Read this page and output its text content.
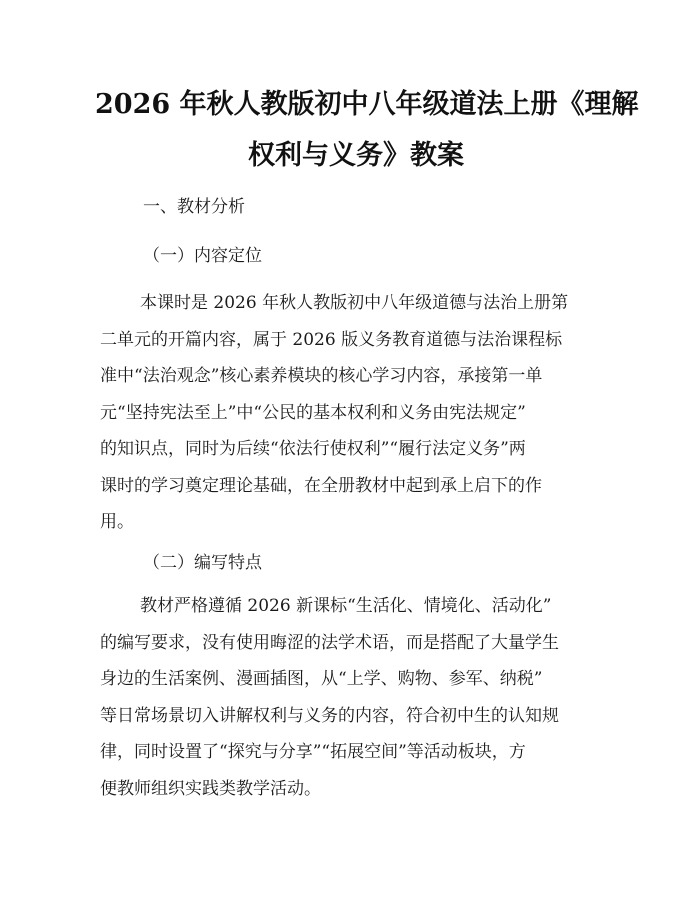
2026 年秋人教版初中八年级道法上册《理解
权利与义务》教案
一、教材分析
（一）内容定位
本课时是 2026 年秋人教版初中八年级道德与法治上册第
二单元的开篇内容，属于 2026 版义务教育道德与法治课程标
准中“法治观念”核心素养模块的核心学习内容，承接第一单
元“坚持宪法至上”中“公民的基本权利和义务由宪法规定”
的知识点，同时为后续“依法行使权利”“履行法定义务”两
课时的学习奠定理论基础，在全册教材中起到承上启下的作
用。
（二）编写特点
教材严格遵循 2026 新课标“生活化、情境化、活动化”
的编写要求，没有使用晦涩的法学术语，而是搭配了大量学生
身边的生活案例、漫画插图，从“上学、购物、参军、纳税”
等日常场景切入讲解权利与义务的内容，符合初中生的认知规
律，同时设置了“探究与分享”“拓展空间”等活动板块，方
便教师组织实践类教学活动。
